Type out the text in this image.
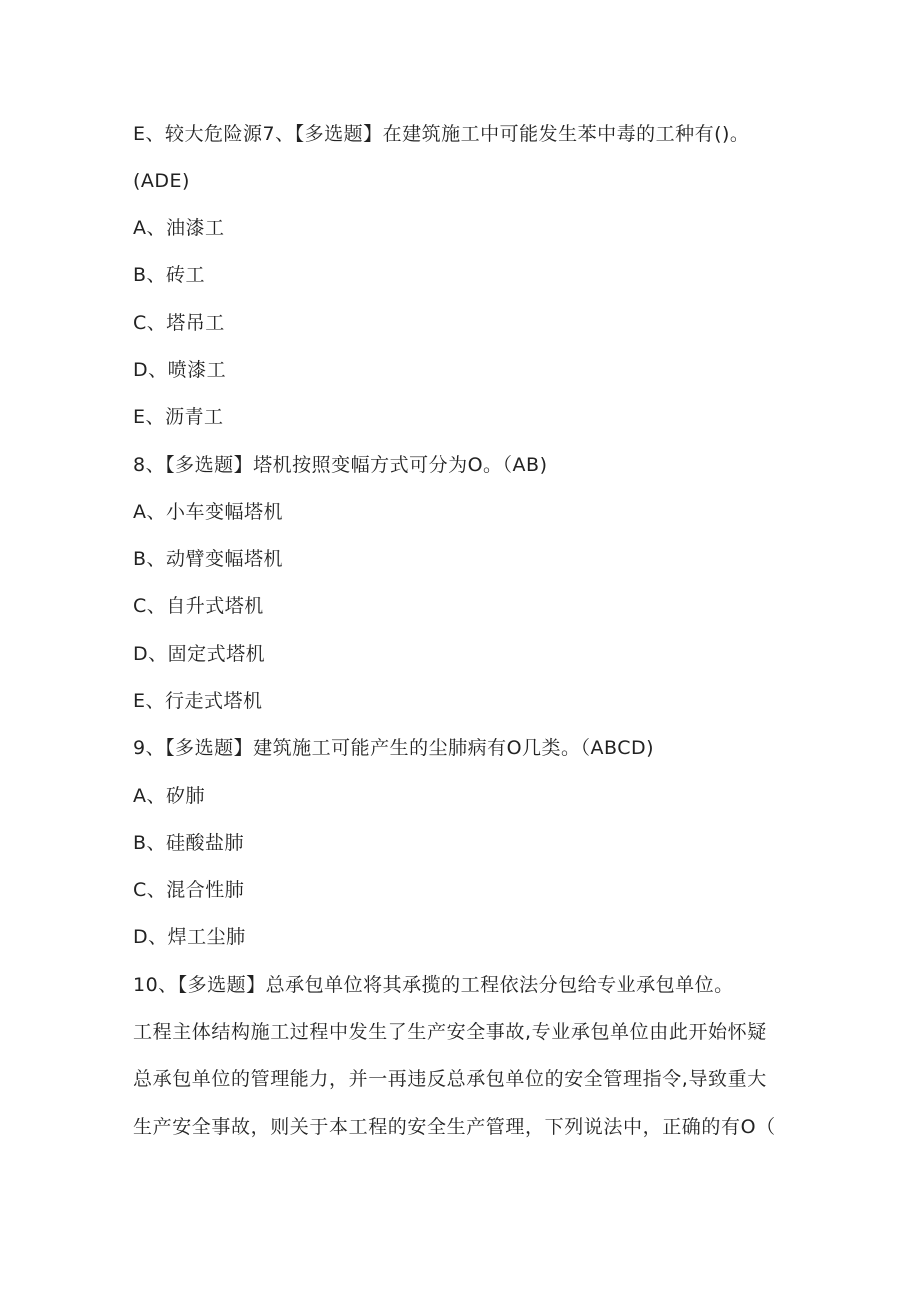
E、较大危险源7、【多选题】在建筑施工中可能发生苯中毒的工种有()。
(ADE)
A、油漆工
B、砖工
C、塔吊工
D、喷漆工
E、沥青工
8、【多选题】塔机按照变幅方式可分为O。（AB)
A、小车变幅塔机
B、动臂变幅塔机
C、自升式塔机
D、固定式塔机
E、行走式塔机
9、【多选题】建筑施工可能产生的尘肺病有O几类。（ABCD)
A、矽肺
B、硅酸盐肺
C、混合性肺
D、焊工尘肺
10、【多选题】总承包单位将其承揽的工程依法分包给专业承包单位。
工程主体结构施工过程中发生了生产安全事故,专业承包单位由此开始怀疑
总承包单位的管理能力，并一再违反总承包单位的安全管理指令,导致重大
生产安全事故，则关于本工程的安全生产管理，下列说法中，正确的有O（
